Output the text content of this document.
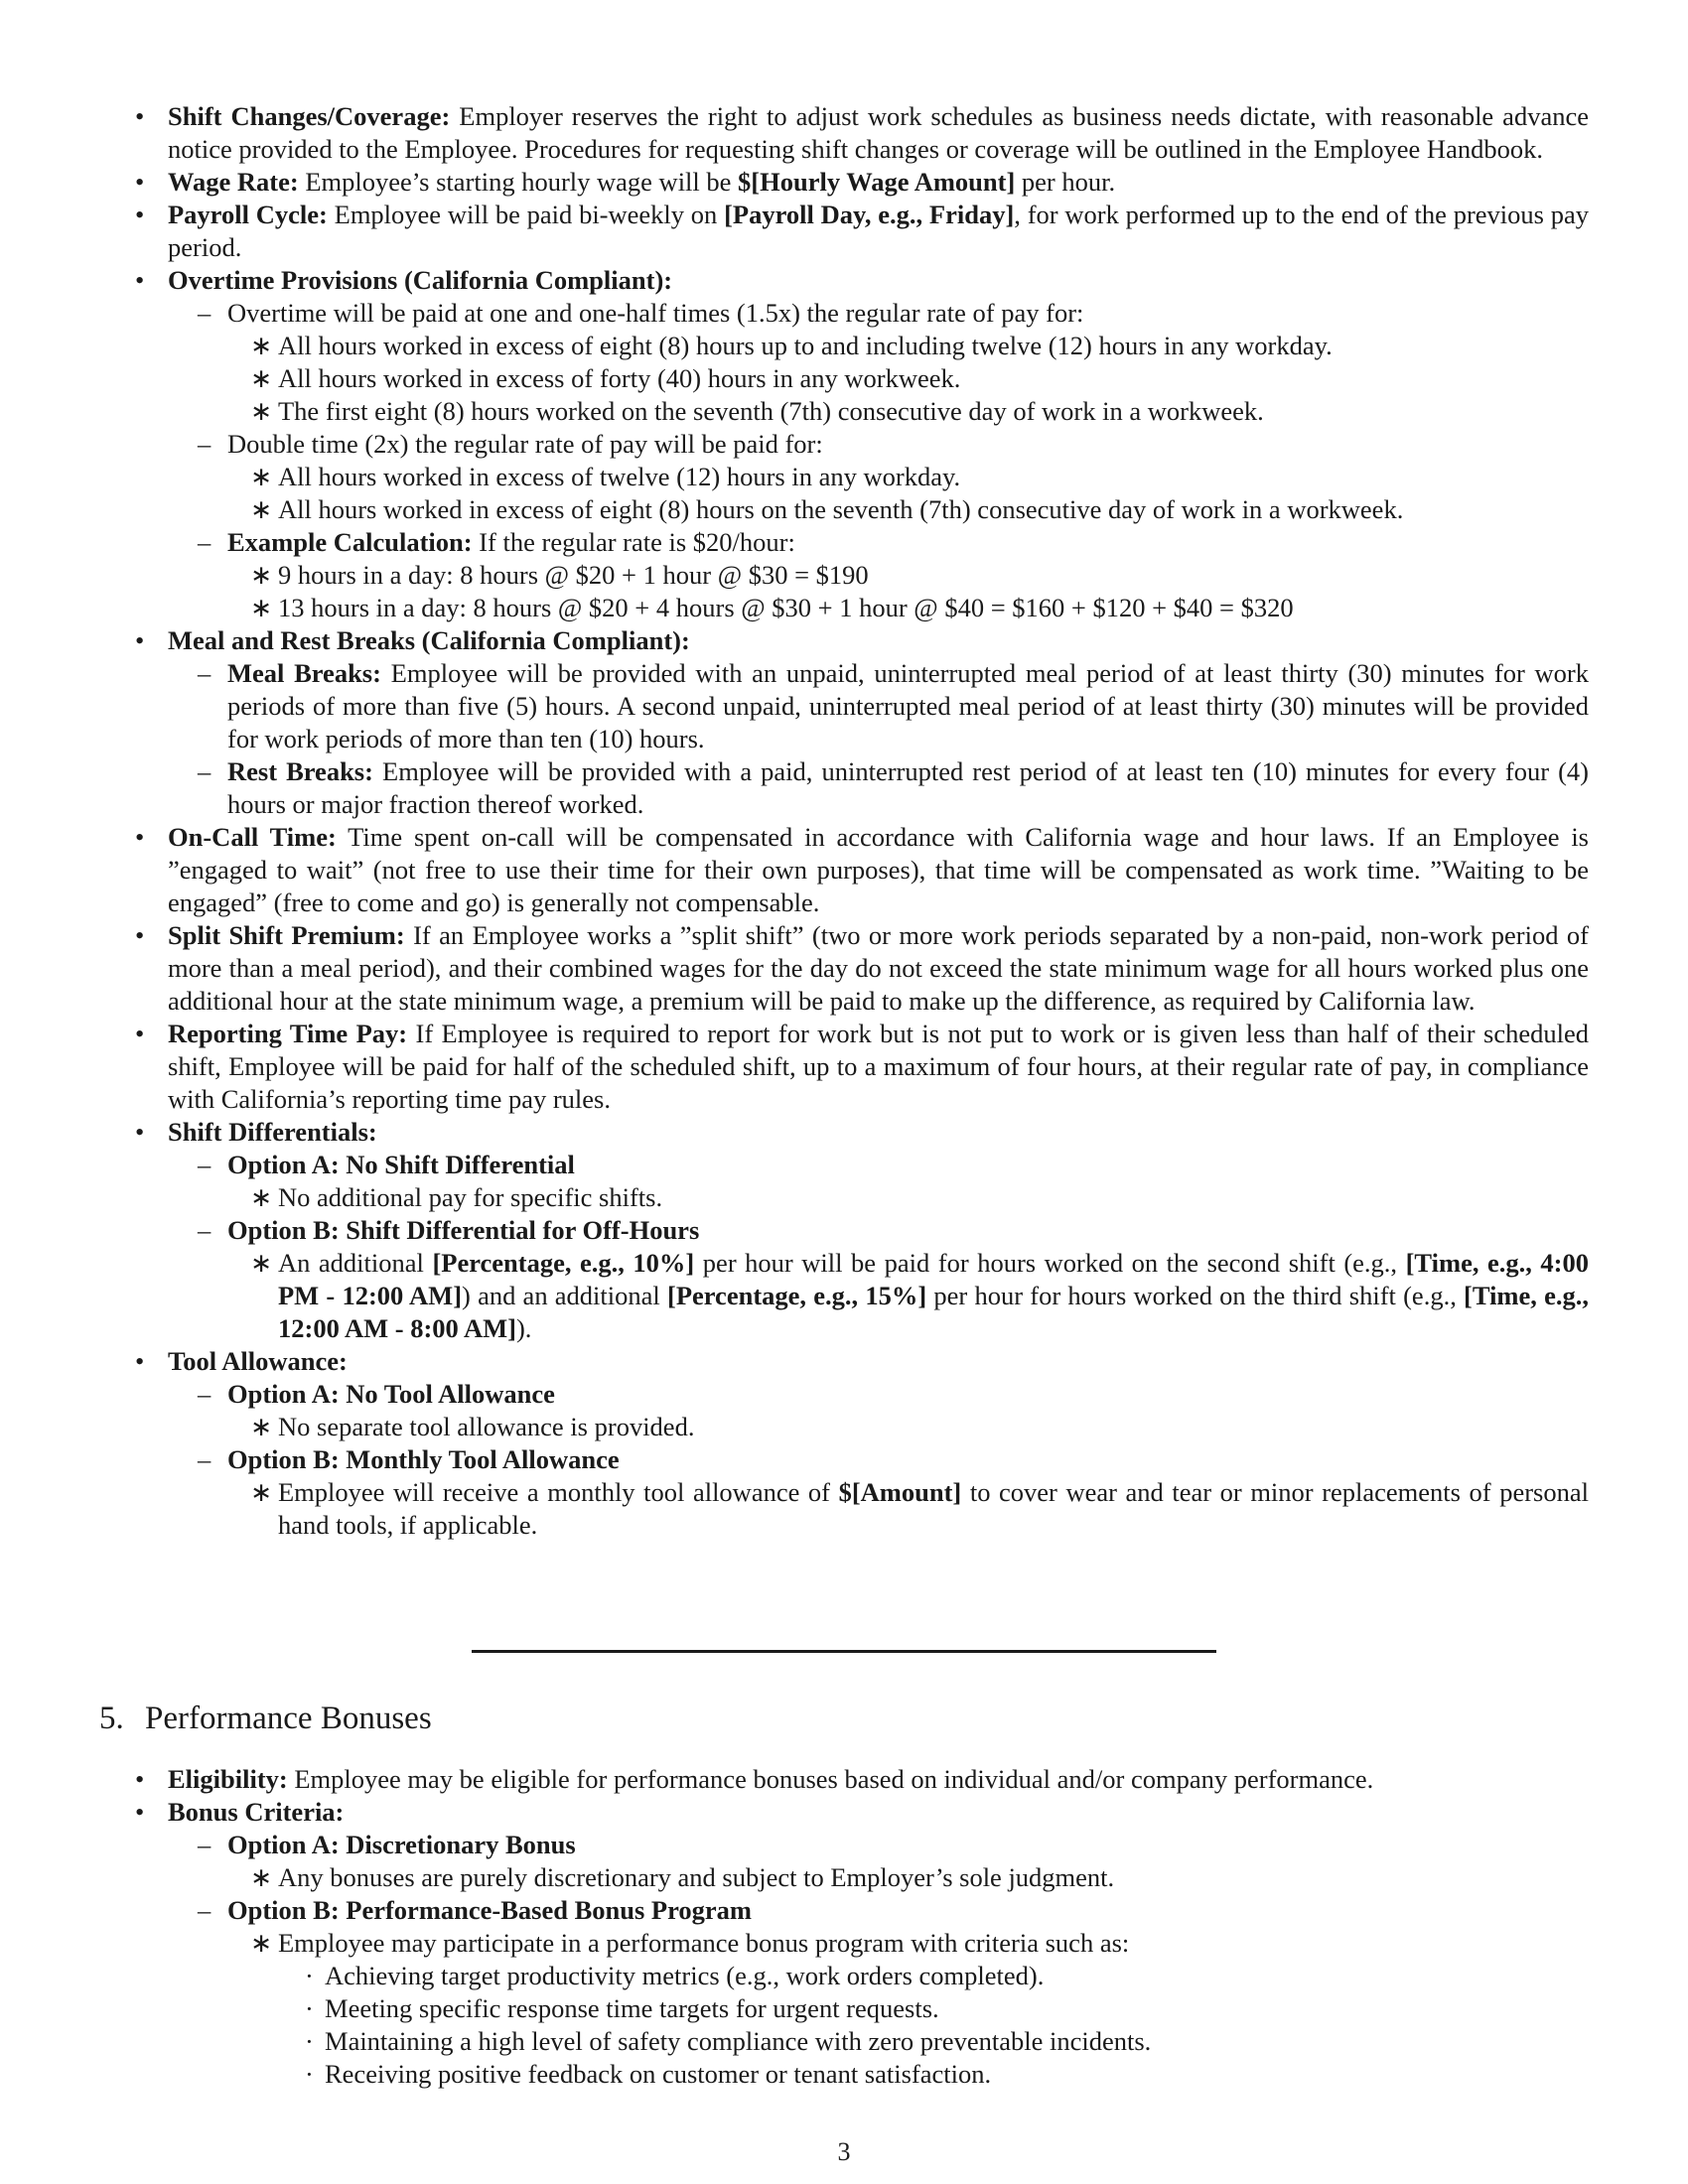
• Shift Changes/Coverage: Employer reserves the right to adjust work schedules as business needs dictate, with reasonable advance notice provided to the Employee. Procedures for requesting shift changes or coverage will be outlined in the Employee Handbook.
• Wage Rate: Employee’s starting hourly wage will be $[Hourly Wage Amount] per hour.
• Payroll Cycle: Employee will be paid bi-weekly on [Payroll Day, e.g., Friday], for work performed up to the end of the previous pay period.
• Overtime Provisions (California Compliant):
– Overtime will be paid at one and one-half times (1.5x) the regular rate of pay for:
∗ All hours worked in excess of eight (8) hours up to and including twelve (12) hours in any workday.
∗ All hours worked in excess of forty (40) hours in any workweek.
∗ The first eight (8) hours worked on the seventh (7th) consecutive day of work in a workweek.
– Double time (2x) the regular rate of pay will be paid for:
∗ All hours worked in excess of twelve (12) hours in any workday.
∗ All hours worked in excess of eight (8) hours on the seventh (7th) consecutive day of work in a workweek.
– Example Calculation: If the regular rate is $20/hour:
∗ 9 hours in a day: 8 hours @ $20 + 1 hour @ $30 = $190
∗ 13 hours in a day: 8 hours @ $20 + 4 hours @ $30 + 1 hour @ $40 = $160 + $120 + $40 = $320
• Meal and Rest Breaks (California Compliant):
– Meal Breaks: Employee will be provided with an unpaid, uninterrupted meal period of at least thirty (30) minutes for work periods of more than five (5) hours. A second unpaid, uninterrupted meal period of at least thirty (30) minutes will be provided for work periods of more than ten (10) hours.
– Rest Breaks: Employee will be provided with a paid, uninterrupted rest period of at least ten (10) minutes for every four (4) hours or major fraction thereof worked.
• On-Call Time: Time spent on-call will be compensated in accordance with California wage and hour laws. If an Employee is ”engaged to wait” (not free to use their time for their own purposes), that time will be compensated as work time. ”Waiting to be engaged” (free to come and go) is generally not compensable.
• Split Shift Premium: If an Employee works a ”split shift” (two or more work periods separated by a non-paid, non-work period of more than a meal period), and their combined wages for the day do not exceed the state minimum wage for all hours worked plus one additional hour at the state minimum wage, a premium will be paid to make up the difference, as required by California law.
• Reporting Time Pay: If Employee is required to report for work but is not put to work or is given less than half of their scheduled shift, Employee will be paid for half of the scheduled shift, up to a maximum of four hours, at their regular rate of pay, in compliance with California’s reporting time pay rules.
• Shift Differentials:
– Option A: No Shift Differential
∗ No additional pay for specific shifts.
– Option B: Shift Differential for Off-Hours
∗ An additional [Percentage, e.g., 10%] per hour will be paid for hours worked on the second shift (e.g., [Time, e.g., 4:00 PM - 12:00 AM]) and an additional [Percentage, e.g., 15%] per hour for hours worked on the third shift (e.g., [Time, e.g., 12:00 AM - 8:00 AM]).
• Tool Allowance:
– Option A: No Tool Allowance
∗ No separate tool allowance is provided.
– Option B: Monthly Tool Allowance
∗ Employee will receive a monthly tool allowance of $[Amount] to cover wear and tear or minor replacements of personal hand tools, if applicable.
5. Performance Bonuses
• Eligibility: Employee may be eligible for performance bonuses based on individual and/or company performance.
• Bonus Criteria:
– Option A: Discretionary Bonus
∗ Any bonuses are purely discretionary and subject to Employer’s sole judgment.
– Option B: Performance-Based Bonus Program
∗ Employee may participate in a performance bonus program with criteria such as:
· Achieving target productivity metrics (e.g., work orders completed).
· Meeting specific response time targets for urgent requests.
· Maintaining a high level of safety compliance with zero preventable incidents.
· Receiving positive feedback on customer or tenant satisfaction.
3
